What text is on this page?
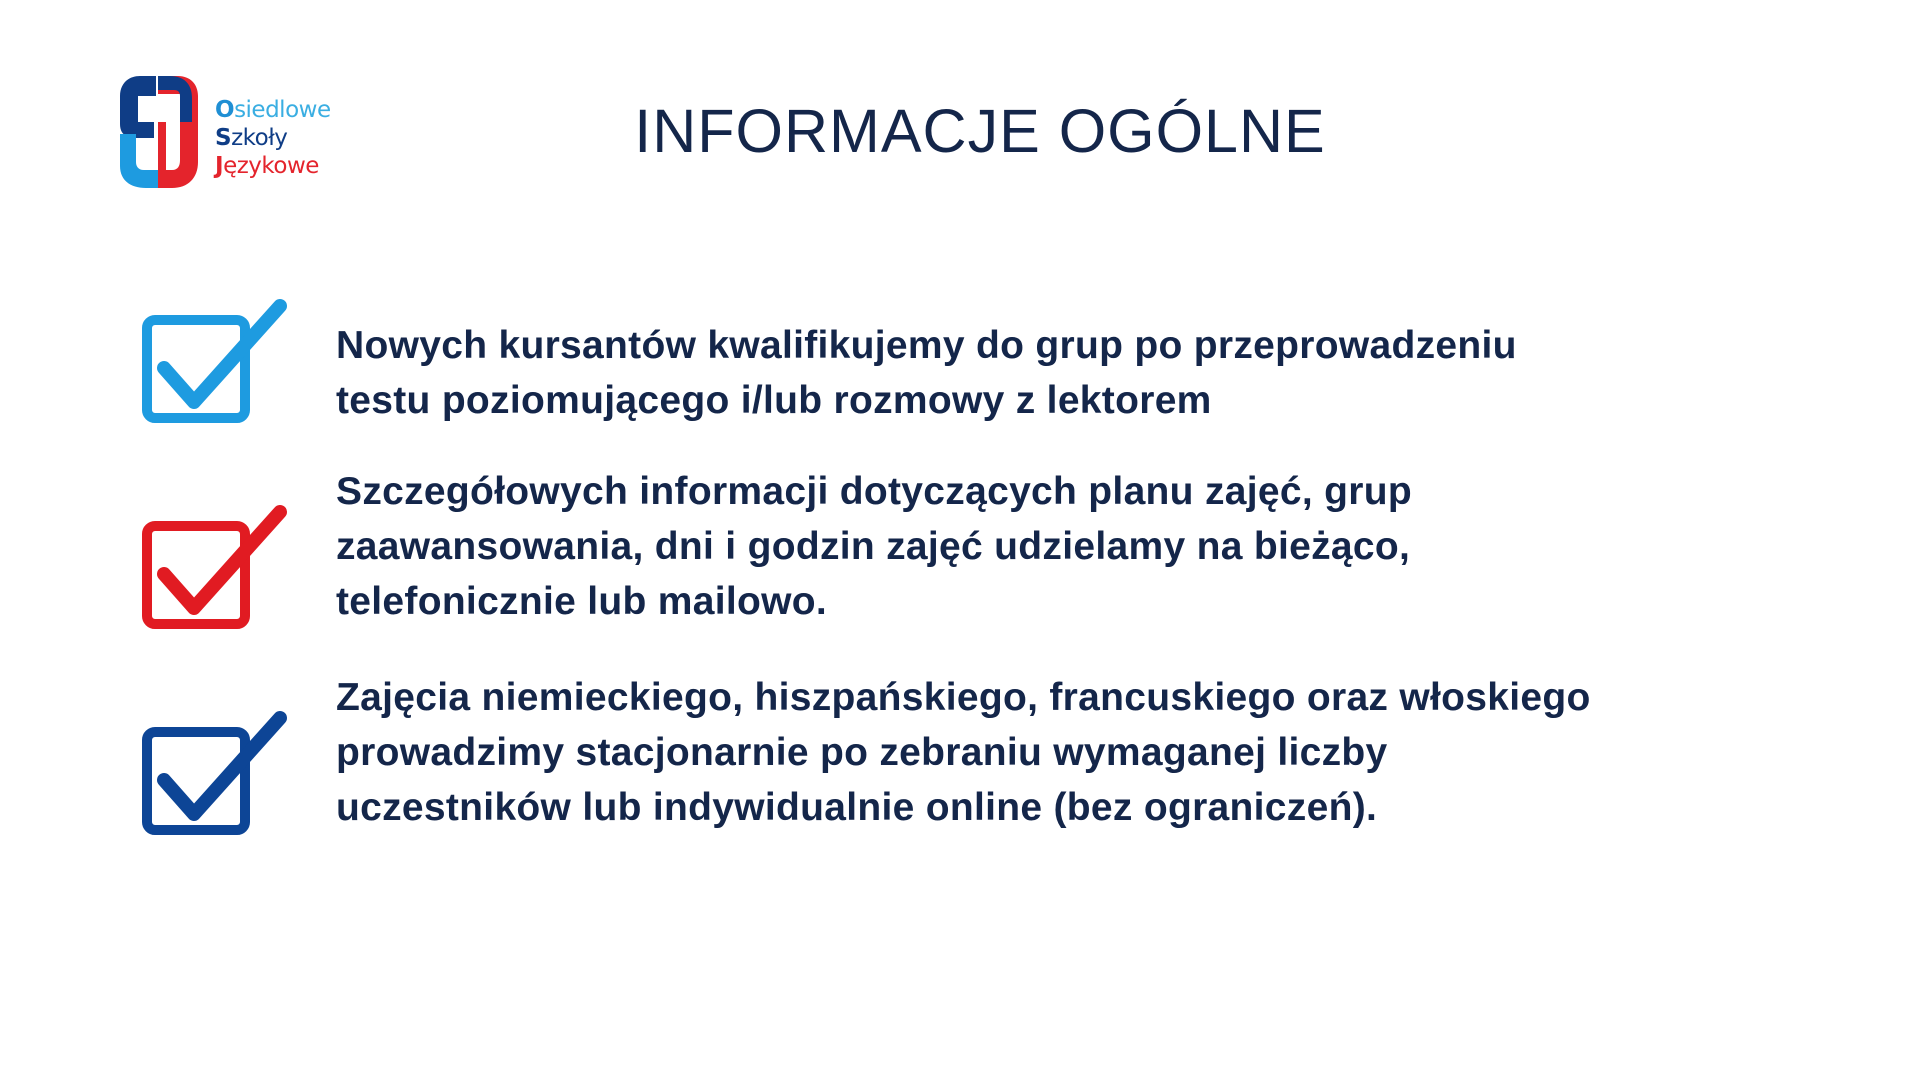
Osiedlowe
Szkoły
Językowe
INFORMACJE OGÓLNE

Nowych kursantów kwalifikujemy do grup po przeprowadzeniu
testu poziomującego i/lub rozmowy z lektorem

Szczegółowych informacji dotyczących planu zajęć, grup
zaawansowania, dni i godzin zajęć udzielamy na bieżąco,
telefonicznie lub mailowo.

Zajęcia niemieckiego, hiszpańskiego, francuskiego oraz włoskiego
prowadzimy stacjonarnie po zebraniu wymaganej liczby
uczestników lub indywidualnie online (bez ograniczeń).
